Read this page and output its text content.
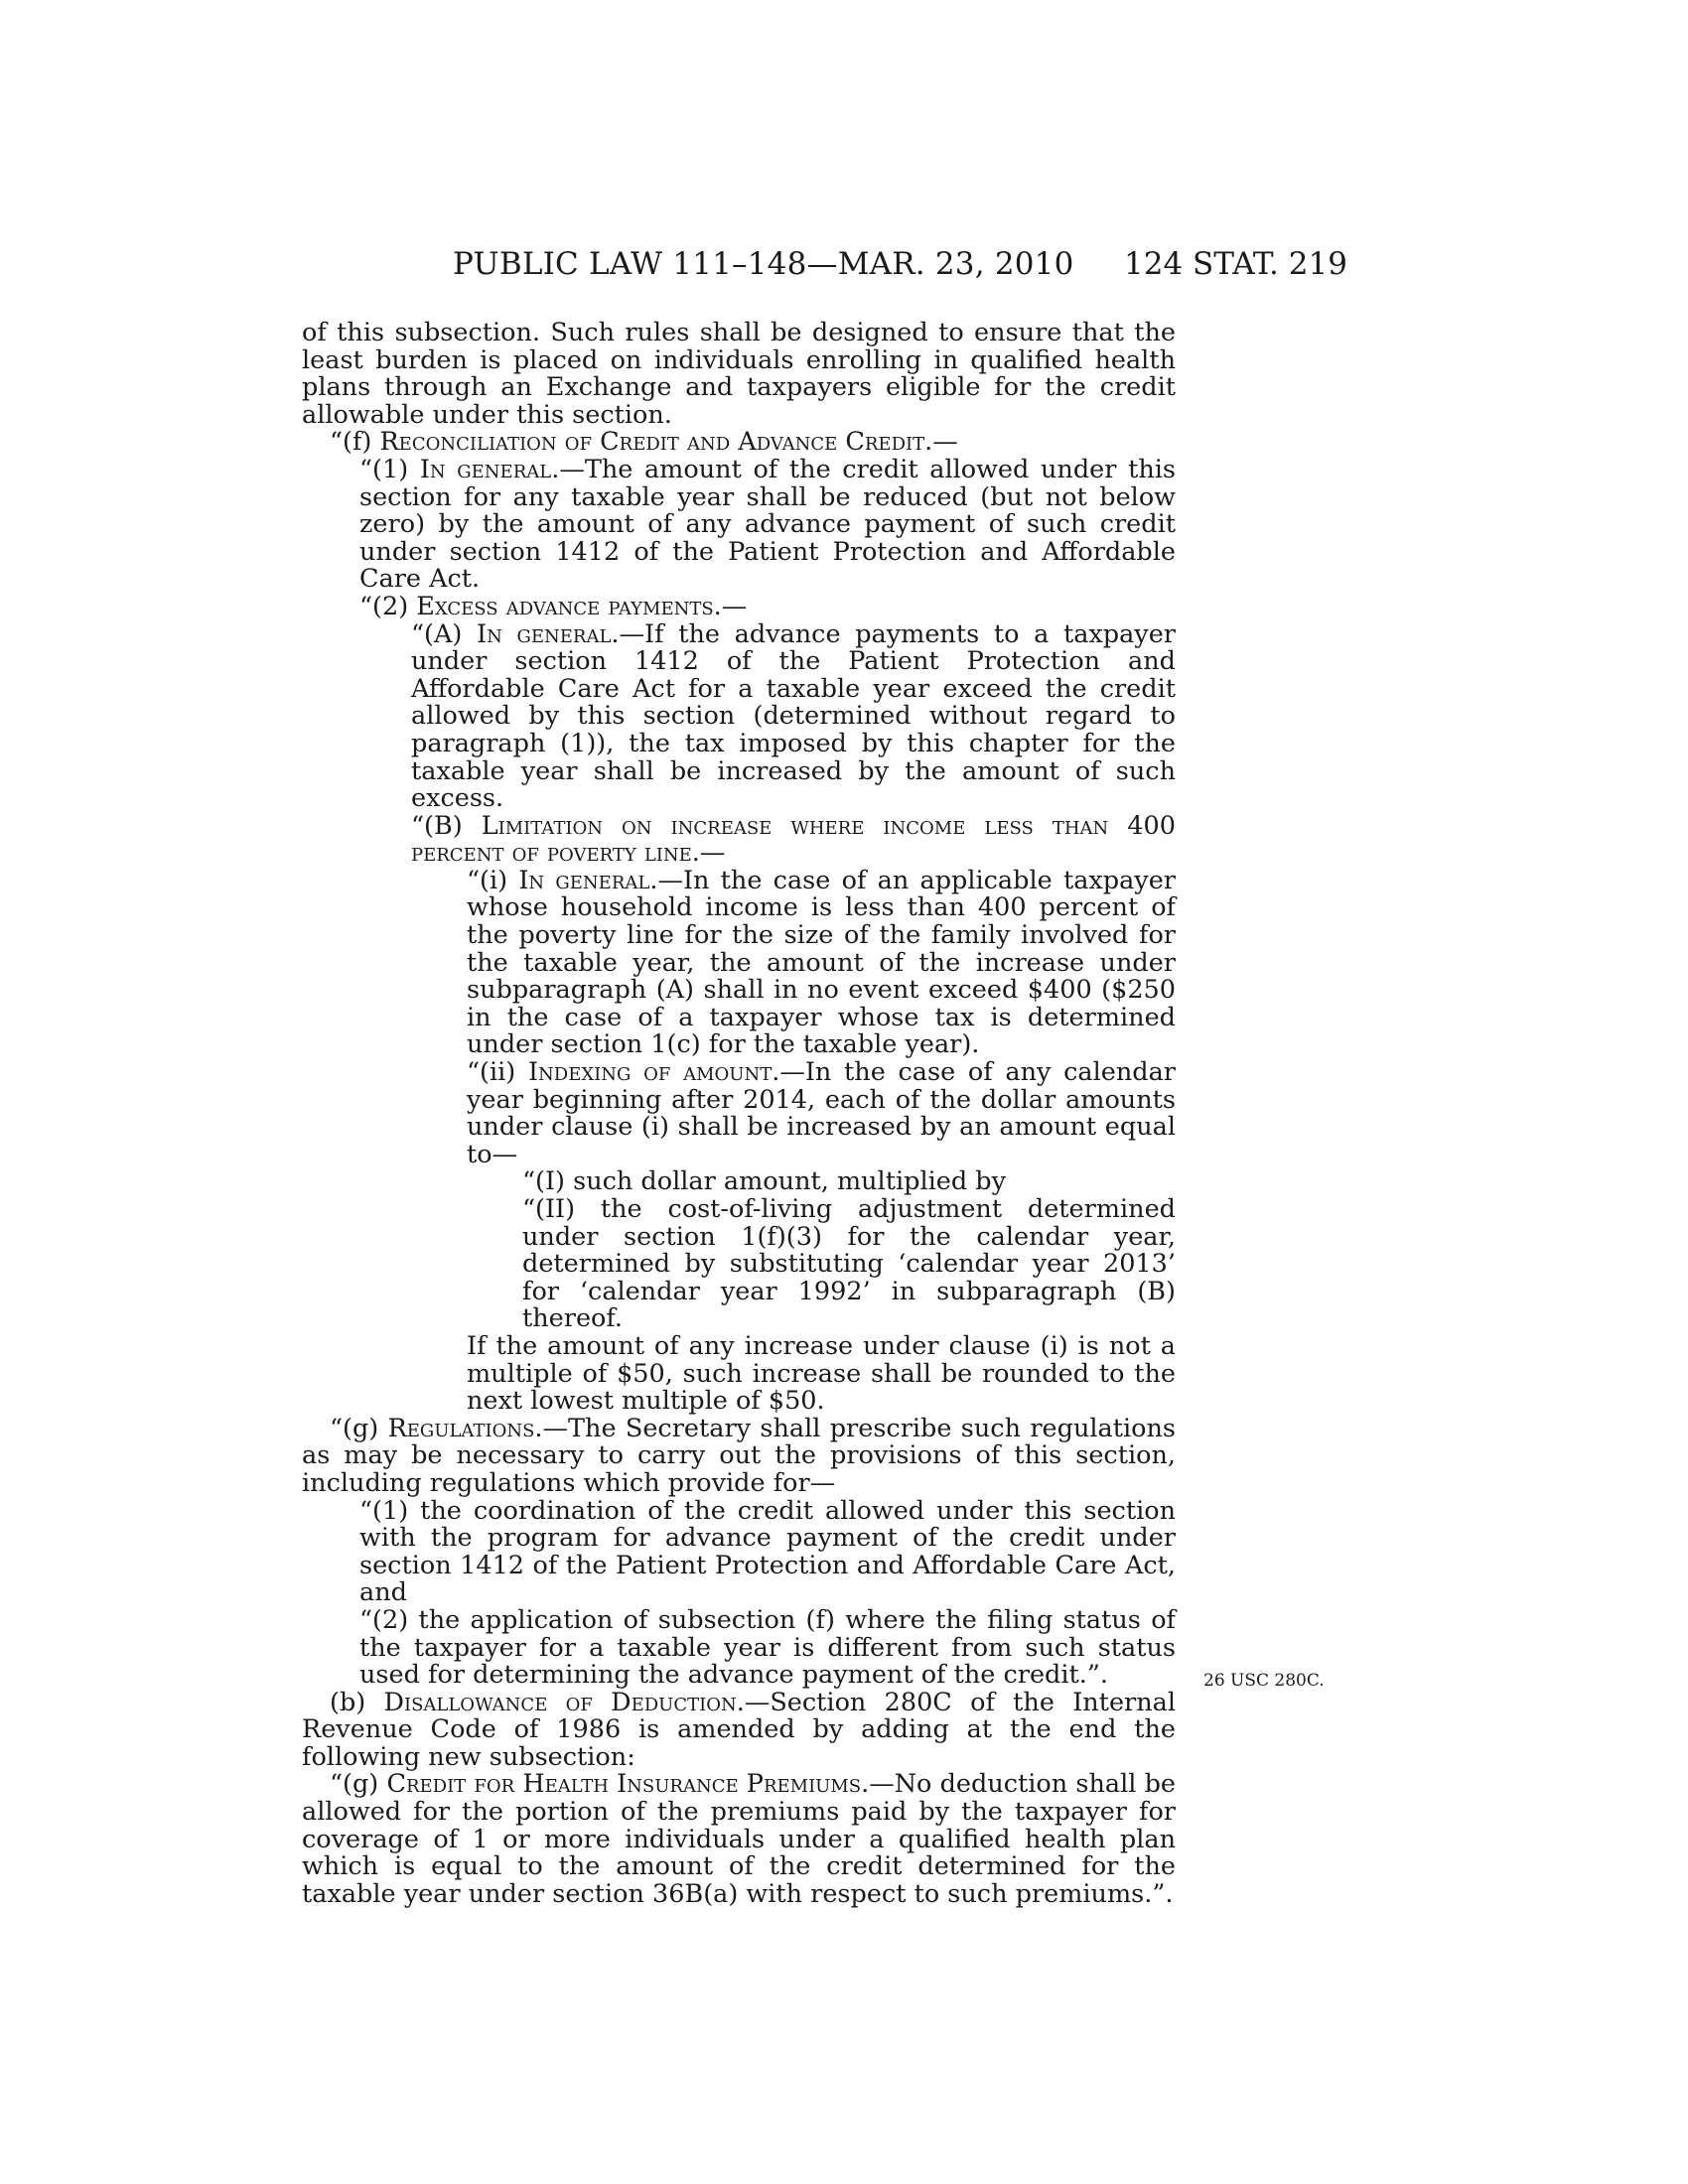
PUBLIC LAW 111–148—MAR. 23, 2010 124 STAT. 219

of this subsection. Such rules shall be designed to ensure that the least burden is placed on individuals enrolling in qualified health plans through an Exchange and taxpayers eligible for the credit allowable under this section.

“(f) Reconciliation of Credit and Advance Credit.—

“(1) In general.—The amount of the credit allowed under this section for any taxable year shall be reduced (but not below zero) by the amount of any advance payment of such credit under section 1412 of the Patient Protection and Affordable Care Act.

“(2) Excess advance payments.—

“(A) In general.—If the advance payments to a taxpayer under section 1412 of the Patient Protection and Affordable Care Act for a taxable year exceed the credit allowed by this section (determined without regard to paragraph (1)), the tax imposed by this chapter for the taxable year shall be increased by the amount of such excess.

“(B) Limitation on increase where income less than 400 percent of poverty line.—

“(i) In general.—In the case of an applicable taxpayer whose household income is less than 400 percent of the poverty line for the size of the family involved for the taxable year, the amount of the increase under subparagraph (A) shall in no event exceed $400 ($250 in the case of a taxpayer whose tax is determined under section 1(c) for the taxable year).

“(ii) Indexing of amount.—In the case of any calendar year beginning after 2014, each of the dollar amounts under clause (i) shall be increased by an amount equal to—

“(I) such dollar amount, multiplied by

“(II) the cost-of-living adjustment determined under section 1(f)(3) for the calendar year, determined by substituting ‘calendar year 2013’ for ‘calendar year 1992’ in subparagraph (B) thereof.

If the amount of any increase under clause (i) is not a multiple of $50, such increase shall be rounded to the next lowest multiple of $50.

“(g) Regulations.—The Secretary shall prescribe such regulations as may be necessary to carry out the provisions of this section, including regulations which provide for—

“(1) the coordination of the credit allowed under this section with the program for advance payment of the credit under section 1412 of the Patient Protection and Affordable Care Act, and

“(2) the application of subsection (f) where the filing status of the taxpayer for a taxable year is different from such status used for determining the advance payment of the credit.”.

(b) Disallowance of Deduction.—Section 280C of the Internal Revenue Code of 1986 is amended by adding at the end the following new subsection:

“(g) Credit for Health Insurance Premiums.—No deduction shall be allowed for the portion of the premiums paid by the taxpayer for coverage of 1 or more individuals under a qualified health plan which is equal to the amount of the credit determined for the taxable year under section 36B(a) with respect to such premiums.”.

26 USC 280C.
